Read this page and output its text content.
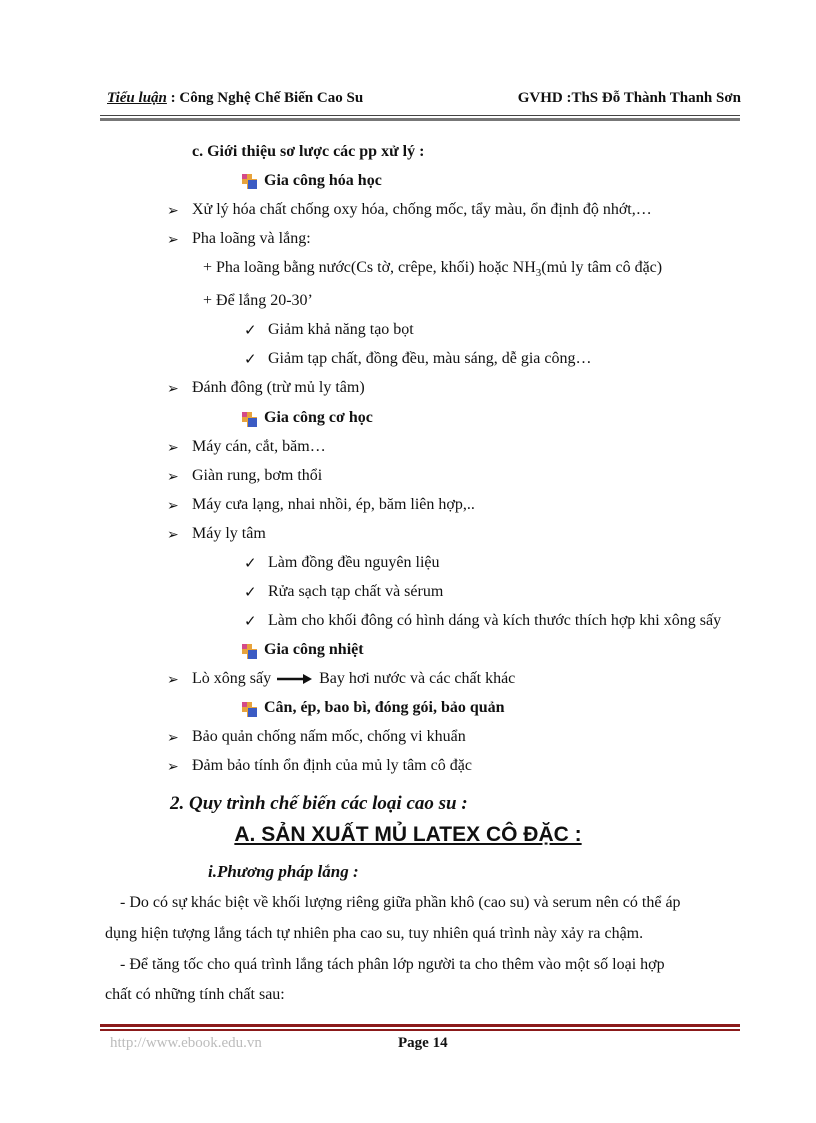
Tiểu luận : Công Nghệ Chế Biến Cao Su	GVHD :ThS Đỗ Thành Thanh Sơn
c. Giới thiệu sơ lược các pp xử lý :
Gia công hóa học
➢ Xử lý hóa chất chống oxy hóa, chống mốc, tẩy màu, ổn định độ nhớt,…
➢ Pha loãng và lắng:
+ Pha loãng bằng nước(Cs tờ, crêpe, khối) hoặc $NH_3(mủ$ ly tâm cô đặc)
+ Để lắng 20-30’
✓ Giảm khả năng tạo bọt
✓ Giảm tạp chất, đồng đều, màu sáng, dễ gia công…
➢ Đánh đông (trừ mủ ly tâm)
Gia công cơ học
➢ Máy cán, cắt, băm…
➢ Giàn rung, bơm thổi
➢ Máy cưa lạng, nhai nhồi, ép, băm liên hợp,..
➢ Máy ly tâm
✓ Làm đồng đều nguyên liệu
✓ Rửa sạch tạp chất và sérum
✓ Làm cho khối đông có hình dáng và kích thước thích hợp khi xông sấy
Gia công nhiệt
➢ Lò xông sấy	Bay hơi nước và các chất khác
Cân, ép, bao bì, đóng gói, bảo quản
➢ Bảo quản chống nấm mốc, chống vi khuẩn
➢ Đảm bảo tính ổn định của mủ ly tâm cô đặc
2. Quy trình chế biến các loại cao su :
A. SẢN XUẤT MỦ LATEX CÔ ĐẶC :
i.Phương pháp lắng :
- Do có sự khác biệt về khối lượng riêng giữa phần khô (cao su) và serum nên có thể áp
dụng hiện tượng lắng tách tự nhiên pha cao su, tuy nhiên quá trình này xảy ra chậm.
- Để tăng tốc cho quá trình lắng tách phân lớp người ta cho thêm vào một số loại hợp
chất có những tính chất sau:
http://www.ebook.edu.vn	Page 14
